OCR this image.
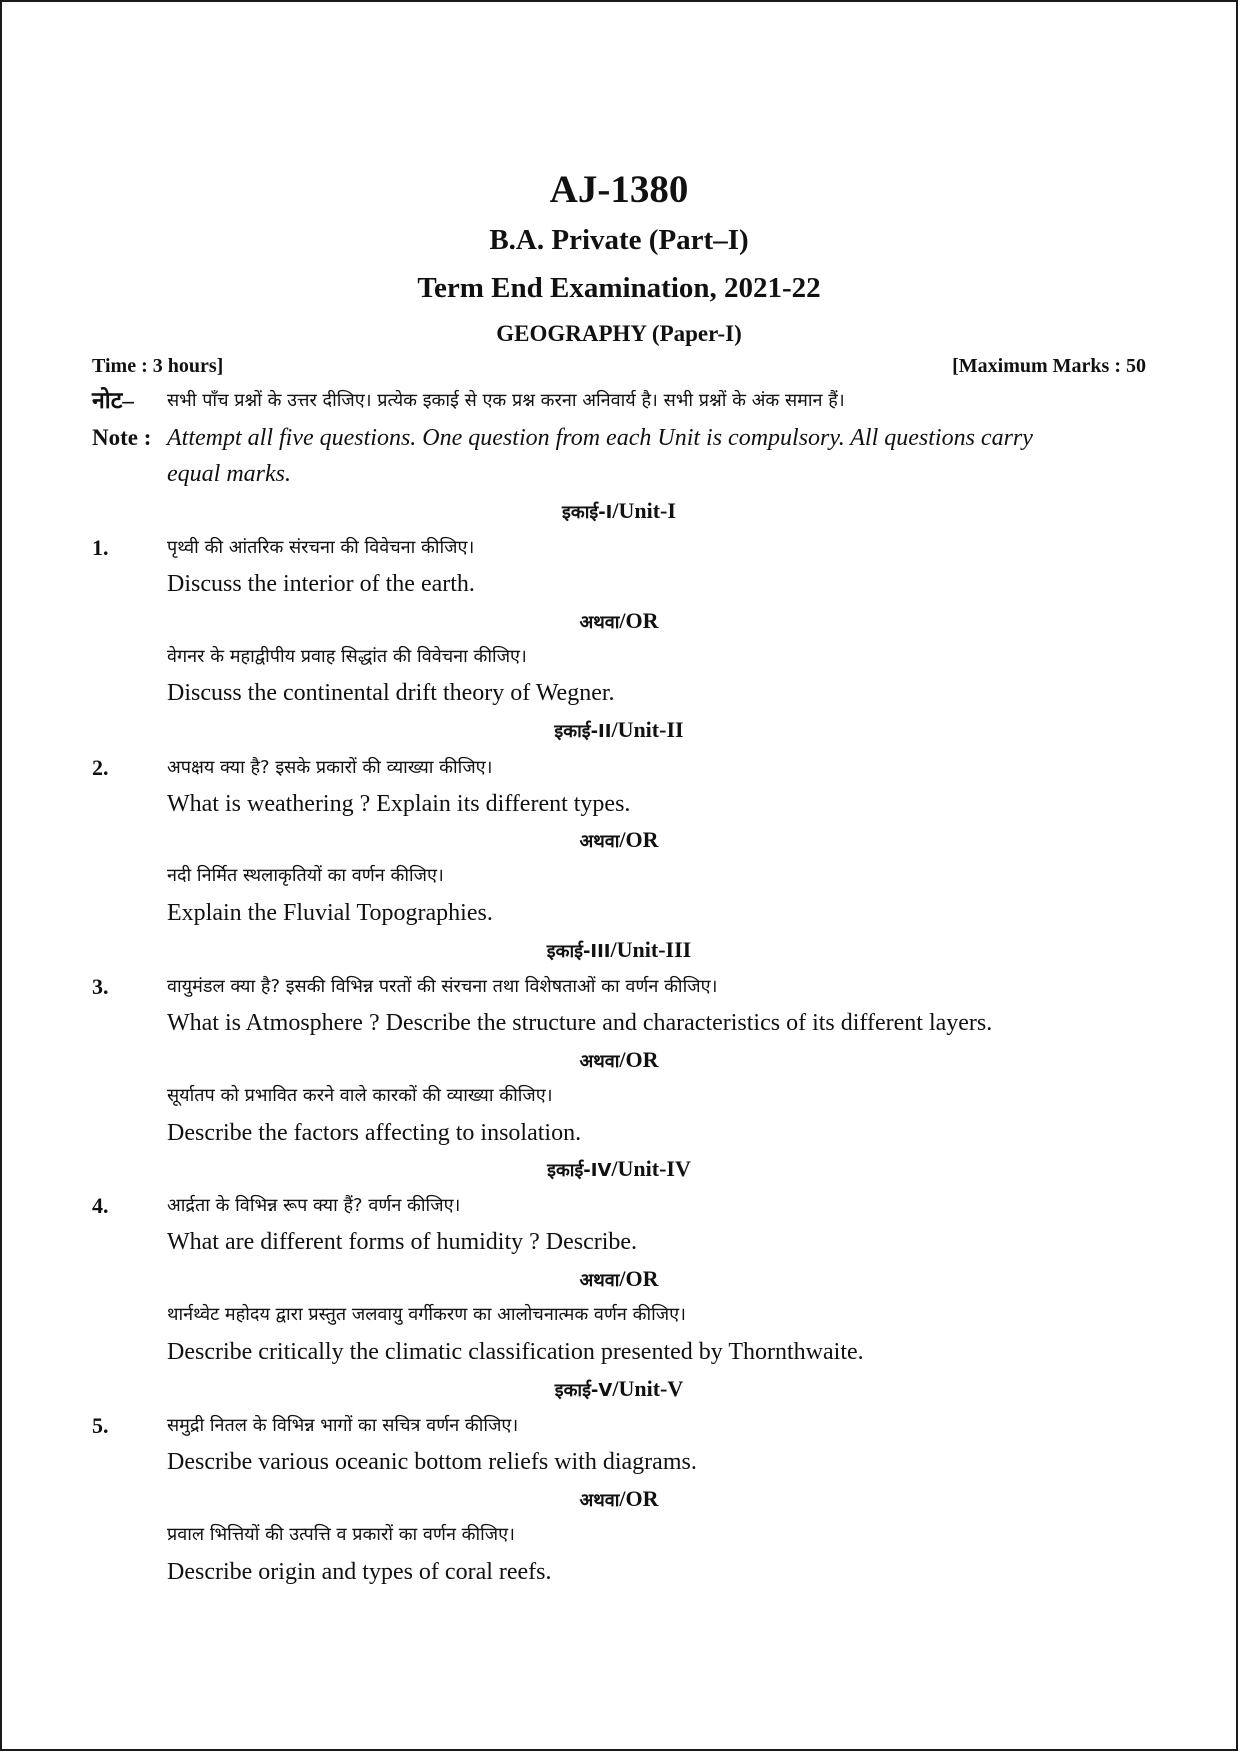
AJ-1380
B.A. Private (Part–I)
Term End Examination, 2021-22
GEOGRAPHY (Paper-I)
Time : 3 hours]	[Maximum Marks : 50
नोट– सभी पाँच प्रश्नों के उत्तर दीजिए। प्रत्येक इकाई से एक प्रश्न करना अनिवार्य है। सभी प्रश्नों के अंक समान हैं।
Note : Attempt all five questions. One question from each Unit is compulsory. All questions carry
equal marks.
इकाई-I/Unit-I
1.	पृथ्वी की आंतरिक संरचना की विवेचना कीजिए।
Discuss the interior of the earth.
अथवा/OR
वेगनर के महाद्वीपीय प्रवाह सिद्धांत की विवेचना कीजिए।
Discuss the continental drift theory of Wegner.
इकाई-II/Unit-II
2.	अपक्षय क्या है? इसके प्रकारों की व्याख्या कीजिए।
What is weathering ? Explain its different types.
अथवा/OR
नदी निर्मित स्थलाकृतियों का वर्णन कीजिए।
Explain the Fluvial Topographies.
इकाई-III/Unit-III
3.	वायुमंडल क्या है? इसकी विभिन्न परतों की संरचना तथा विशेषताओं का वर्णन कीजिए।
What is Atmosphere ? Describe the structure and characteristics of its different layers.
अथवा/OR
सूर्यातप को प्रभावित करने वाले कारकों की व्याख्या कीजिए।
Describe the factors affecting to insolation.
इकाई-IV/Unit-IV
4.	आर्द्रता के विभिन्न रूप क्या हैं? वर्णन कीजिए।
What are different forms of humidity ? Describe.
अथवा/OR
थार्नथ्वेट महोदय द्वारा प्रस्तुत जलवायु वर्गीकरण का आलोचनात्मक वर्णन कीजिए।
Describe critically the climatic classification presented by Thornthwaite.
इकाई-V/Unit-V
5.	समुद्री नितल के विभिन्न भागों का सचित्र वर्णन कीजिए।
Describe various oceanic bottom reliefs with diagrams.
अथवा/OR
प्रवाल भित्तियों की उत्पत्ति व प्रकारों का वर्णन कीजिए।
Describe origin and types of coral reefs.
